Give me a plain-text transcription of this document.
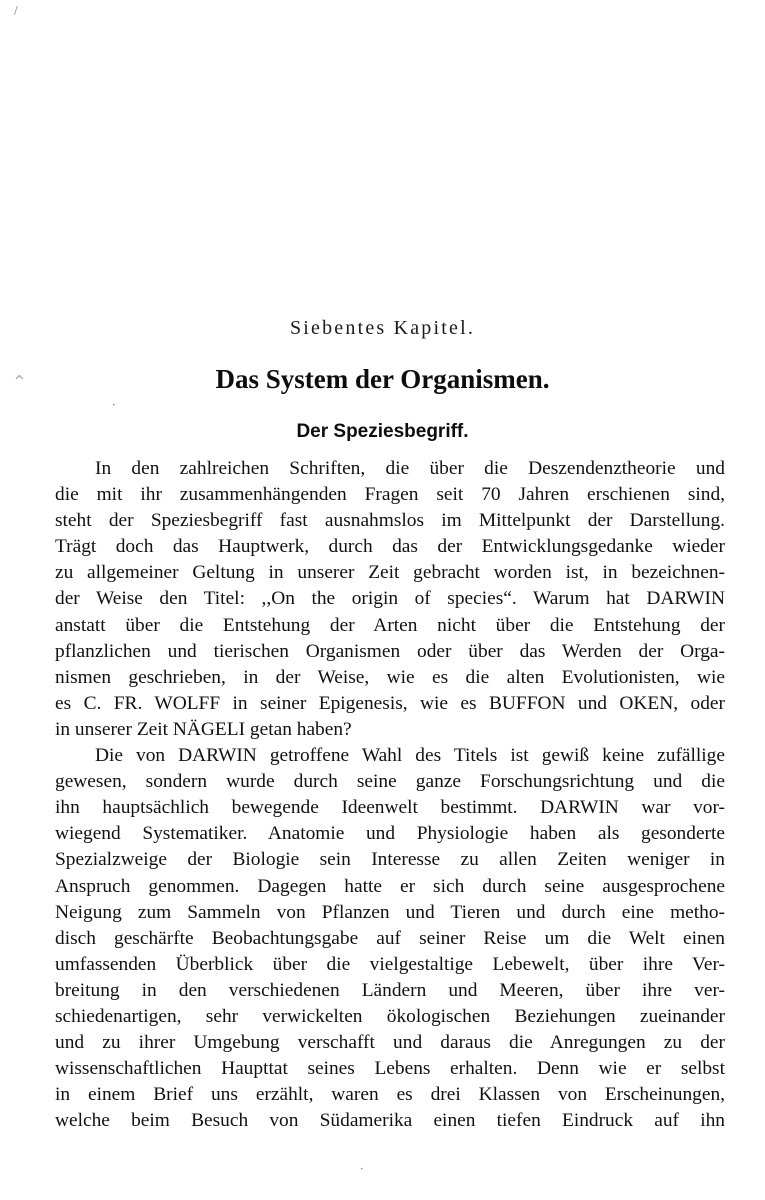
/
^
•
•
Siebentes Kapitel.
Das System der Organismen.
Der Speziesbegriff.
In den zahlreichen Schriften, die über die Deszendenztheorie und
die mit ihr zusammenhängenden Fragen seit 70 Jahren erschienen sind,
steht der Speziesbegriff fast ausnahmslos im Mittelpunkt der Darstellung.
Trägt doch das Hauptwerk, durch das der Entwicklungsgedanke wieder
zu allgemeiner Geltung in unserer Zeit gebracht worden ist, in bezeichnen-
der Weise den Titel: ,,On the origin of species“. Warum hat DARWIN
anstatt über die Entstehung der Arten nicht über die Entstehung der
pflanzlichen und tierischen Organismen oder über das Werden der Orga-
nismen geschrieben, in der Weise, wie es die alten Evolutionisten, wie
es C. FR. WOLFF in seiner Epigenesis, wie es BUFFON und OKEN, oder
in unserer Zeit NÄGELI getan haben?
Die von DARWIN getroffene Wahl des Titels ist gewiß keine zufällige
gewesen, sondern wurde durch seine ganze Forschungsrichtung und die
ihn hauptsächlich bewegende Ideenwelt bestimmt. DARWIN war vor-
wiegend Systematiker. Anatomie und Physiologie haben als gesonderte
Spezialzweige der Biologie sein Interesse zu allen Zeiten weniger in
Anspruch genommen. Dagegen hatte er sich durch seine ausgesprochene
Neigung zum Sammeln von Pflanzen und Tieren und durch eine metho-
disch geschärfte Beobachtungsgabe auf seiner Reise um die Welt einen
umfassenden Überblick über die vielgestaltige Lebewelt, über ihre Ver-
breitung in den verschiedenen Ländern und Meeren, über ihre ver-
schiedenartigen, sehr verwickelten ökologischen Beziehungen zueinander
und zu ihrer Umgebung verschafft und daraus die Anregungen zu der
wissenschaftlichen Haupttat seines Lebens erhalten. Denn wie er selbst
in einem Brief uns erzählt, waren es drei Klassen von Erscheinungen,
welche beim Besuch von Südamerika einen tiefen Eindruck auf ihn
